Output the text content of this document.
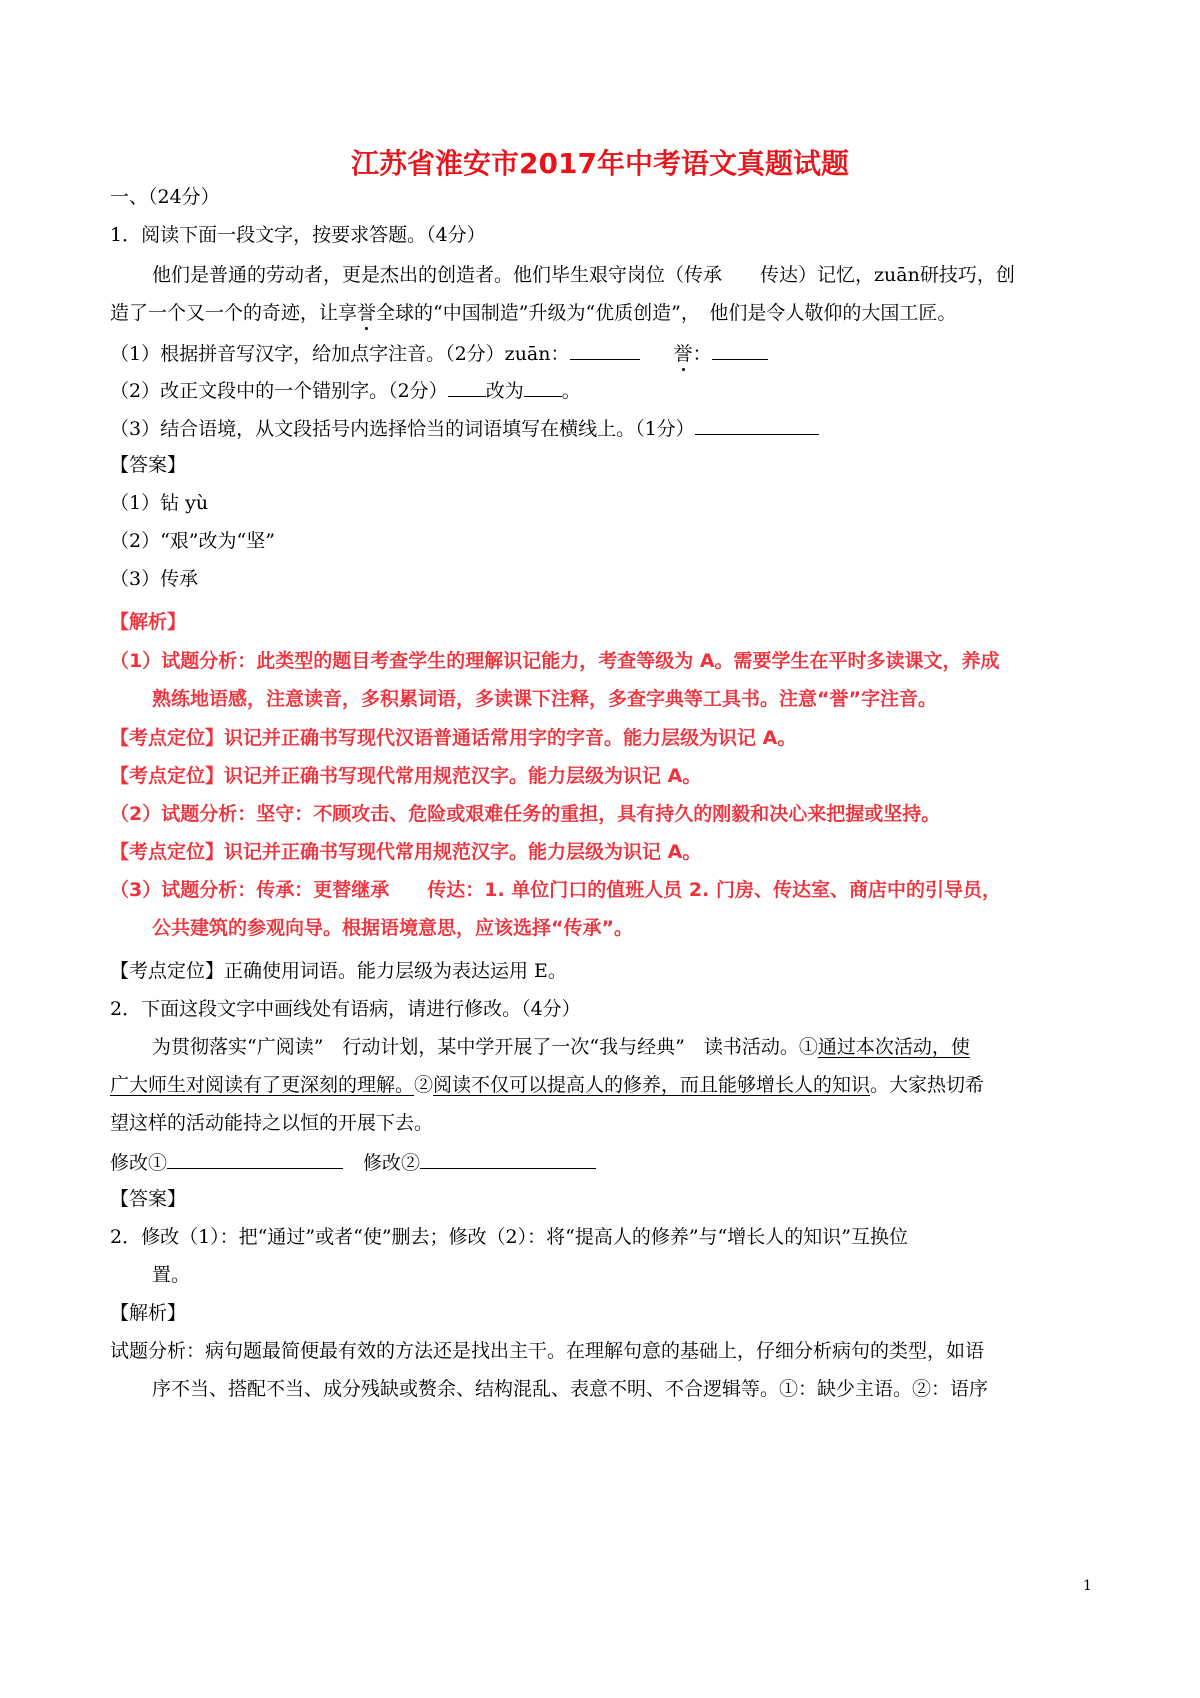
江苏省淮安市2017年中考语文真题试题
一、（24分）
1．阅读下面一段文字，按要求答题。（4分）
他们是普通的劳动者，更是杰出的创造者。他们毕生艰守岗位（传承　　传达）记忆，zuān研技巧，创
造了一个又一个的奇迹，让享誉全球的“中国制造”升级为“优质创造”，　他们是令人敬仰的大国工匠。
（1）根据拼音写汉字，给加点字注音。（2分）zuān：	誉：
（2）改正文段中的一个错别字。（2分） 改为 。
（3）结合语境，从文段括号内选择恰当的词语填写在横线上。（1分）
【答案】
（1）钻 yù
（2）“艰”改为“坚”
（3）传承
【解析】
（1）试题分析：此类型的题目考查学生的理解识记能力，考查等级为 A。需要学生在平时多读课文，养成
熟练地语感，注意读音，多积累词语，多读课下注释，多查字典等工具书。注意“誉”字注音。
【考点定位】识记并正确书写现代汉语普通话常用字的字音。能力层级为识记 A。
【考点定位】识记并正确书写现代常用规范汉字。能力层级为识记 A。
（2）试题分析：坚守：不顾攻击、危险或艰难任务的重担，具有持久的刚毅和决心来把握或坚持。
【考点定位】识记并正确书写现代常用规范汉字。能力层级为识记 A。
（3）试题分析：传承：更替继承　　传达：1. 单位门口的值班人员 2. 门房、传达室、商店中的引导员，
公共建筑的参观向导。根据语境意思，应该选择“传承”。
【考点定位】正确使用词语。能力层级为表达运用 E。
2．下面这段文字中画线处有语病，请进行修改。（4分）
为贯彻落实“广阅读”　行动计划，某中学开展了一次“我与经典”　读书活动。①通过本次活动，使
广大师生对阅读有了更深刻的理解。②阅读不仅可以提高人的修养，而且能够增长人的知识。大家热切希
望这样的活动能持之以恒的开展下去。
修改①	修改②
【答案】
2．修改（1）：把“通过”或者“使”删去；修改（2）：将“提高人的修养”与“增长人的知识”互换位
置。
【解析】
试题分析：病句题最简便最有效的方法还是找出主干。在理解句意的基础上，仔细分析病句的类型，如语
序不当、搭配不当、成分残缺或赘余、结构混乱、表意不明、不合逻辑等。①：缺少主语。②：语序
1
